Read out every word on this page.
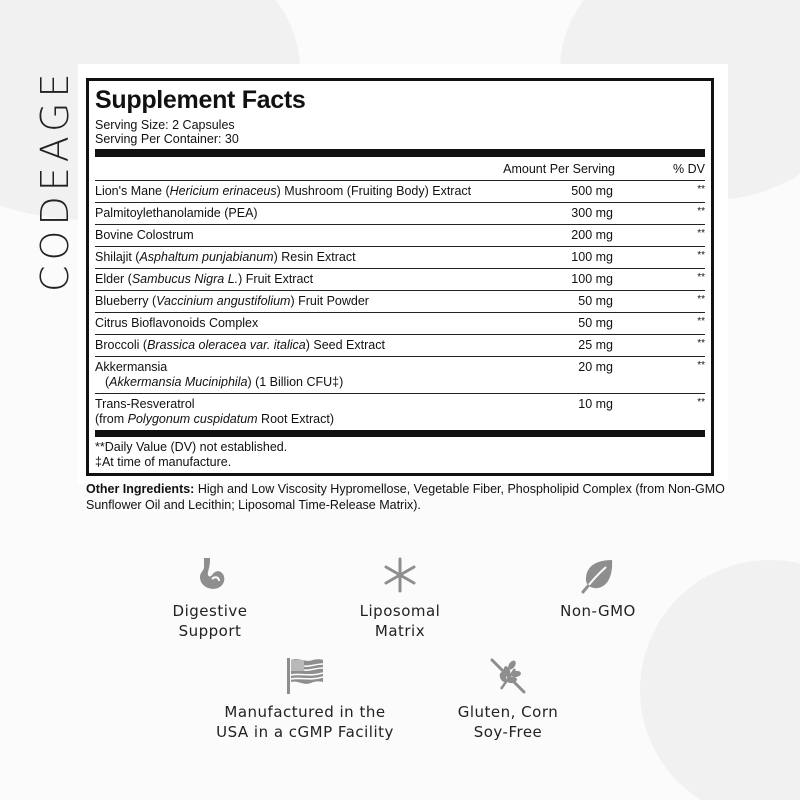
CODEAGE Supplement Facts
Serving Size: 2 Capsules
Serving Per Container: 30
Amount Per Serving	% DV
Lion's Mane (Hericium erinaceus) Mushroom (Fruiting Body) Extract	500 mg	**
Palmitoylethanolamide (PEA)	300 mg	**
Bovine Colostrum	200 mg	**
Shilajit (Asphaltum punjabianum) Resin Extract	100 mg	**
Elder (Sambucus Nigra L.) Fruit Extract	100 mg	**
Blueberry (Vaccinium angustifolium) Fruit Powder	50 mg	**
Citrus Bioflavonoids Complex	50 mg	**
Broccoli (Brassica oleracea var. italica) Seed Extract	25 mg	**
Akkermansia
(Akkermansia Muciniphila) (1 Billion CFU‡)
20 mg	**
Trans-Resveratrol
(from Polygonum cuspidatum Root Extract)
10 mg	**
**Daily Value (DV) not established.
‡At time of manufacture.
Other Ingredients: High and Low Viscosity Hypromellose, Vegetable Fiber, Phospholipid Complex (from Non-GMO Sunflower Oil and Lecithin; Liposomal Time-Release Matrix).
Digestive
Support
Liposomal
Matrix
Non-GMO
Manufactured in the
USA in a cGMP Facility
Gluten, Corn
Soy-Free
